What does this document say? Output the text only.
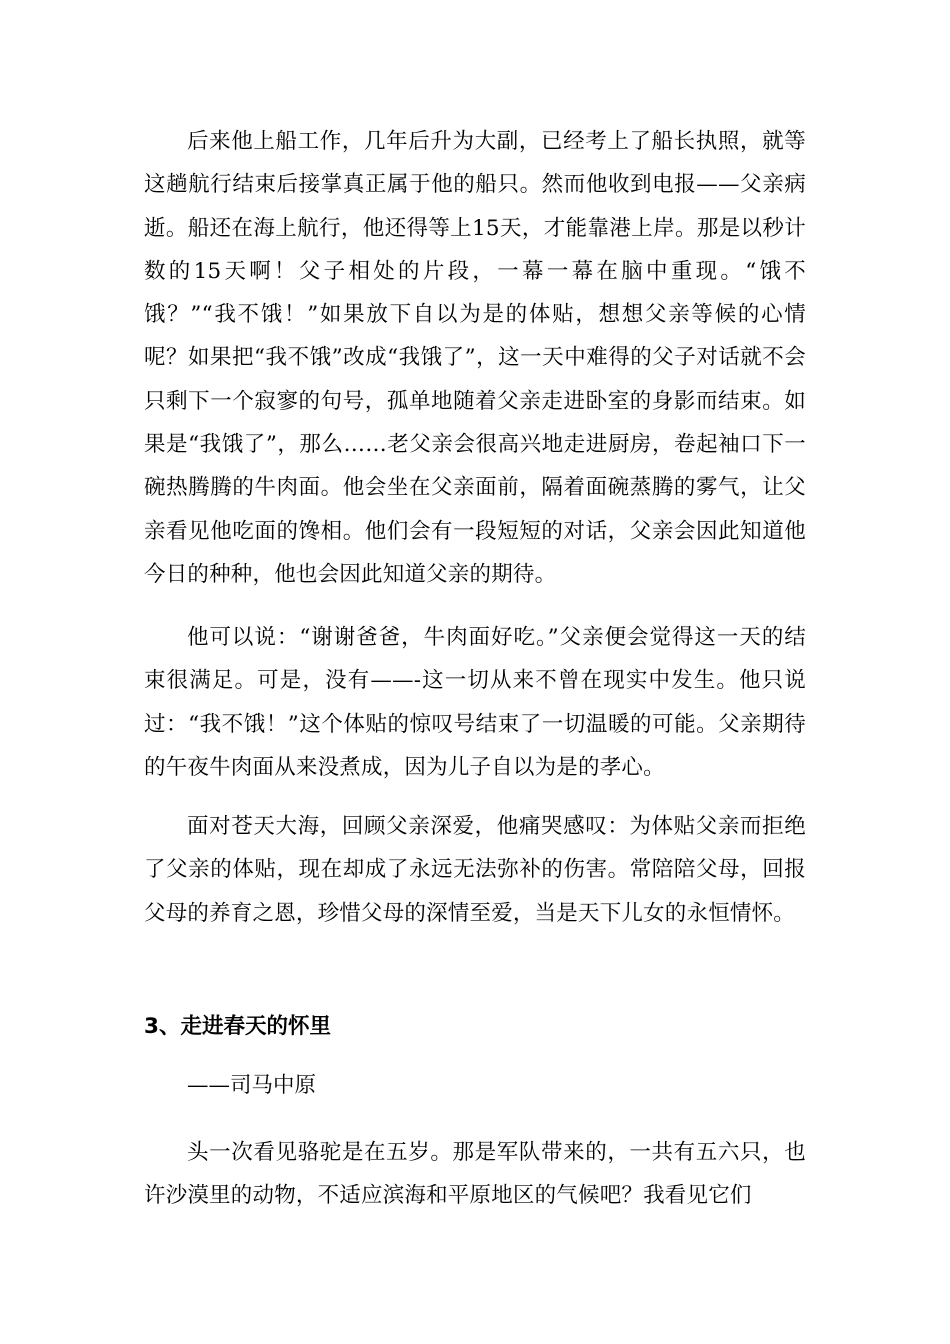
后来他上船工作，几年后升为大副，已经考上了船长执照，就等这趟航行结束后接掌真正属于他的船只。然而他收到电报——父亲病逝。船还在海上航行，他还得等上15天，才能靠港上岸。那是以秒计数的15天啊！父子相处的片段，一幕一幕在脑中重现。“饿不饿？”“我不饿！”如果放下自以为是的体贴，想想父亲等候的心情呢？如果把“我不饿”改成“我饿了”，这一天中难得的父子对话就不会只剩下一个寂寥的句号，孤单地随着父亲走进卧室的身影而结束。如果是“我饿了”，那么……老父亲会很高兴地走进厨房，卷起袖口下一碗热腾腾的牛肉面。他会坐在父亲面前，隔着面碗蒸腾的雾气，让父亲看见他吃面的馋相。他们会有一段短短的对话，父亲会因此知道他今日的种种，他也会因此知道父亲的期待。

他可以说：“谢谢爸爸，牛肉面好吃。”父亲便会觉得这一天的结束很满足。可是，没有——-这一切从来不曾在现实中发生。他只说过：“我不饿！”这个体贴的惊叹号结束了一切温暖的可能。父亲期待的午夜牛肉面从来没煮成，因为儿子自以为是的孝心。

面对苍天大海，回顾父亲深爱，他痛哭感叹：为体贴父亲而拒绝了父亲的体贴，现在却成了永远无法弥补的伤害。常陪陪父母，回报父母的养育之恩，珍惜父母的深情至爱，当是天下儿女的永恒情怀。

3、走进春天的怀里

——司马中原

头一次看见骆驼是在五岁。那是军队带来的，一共有五六只，也许沙漠里的动物，不适应滨海和平原地区的气候吧？我看见它们
